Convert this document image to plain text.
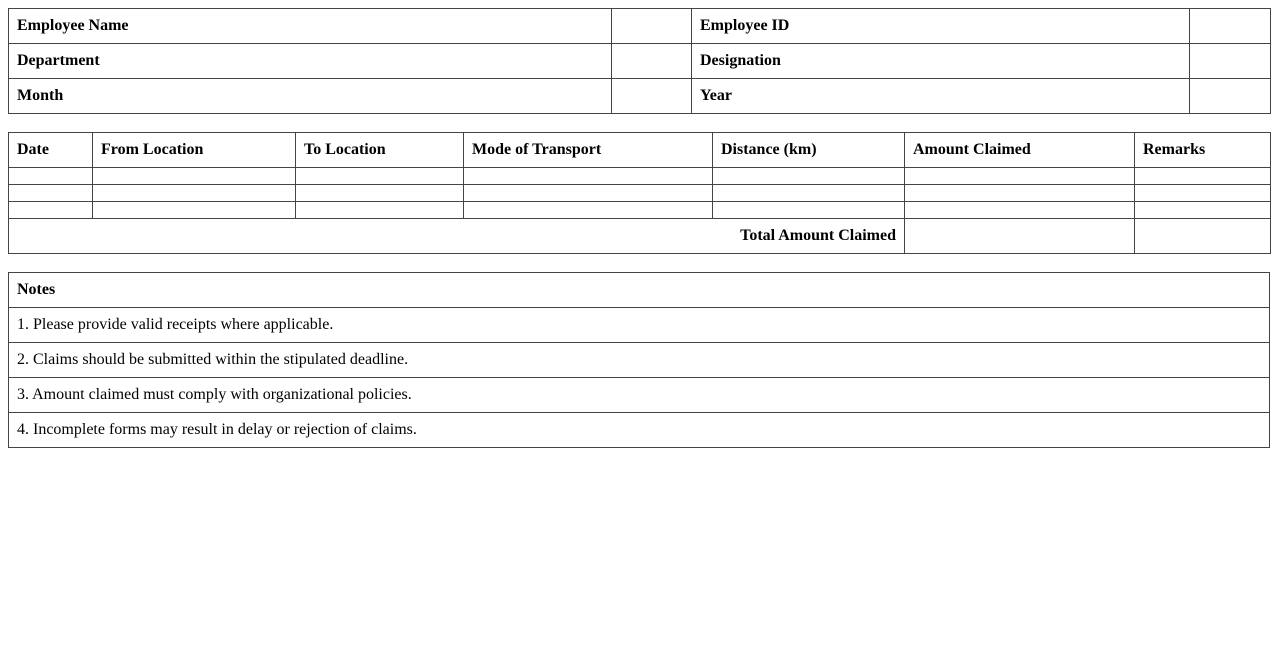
Employee Name		Employee ID	
Department		Designation	
Month		Year	
Date	From Location	To Location	Mode of Transport	Distance (km)	Amount Claimed	Remarks

Total Amount Claimed						
Notes
1. Please provide valid receipts where applicable.
2. Claims should be submitted within the stipulated deadline.
3. Amount claimed must comply with organizational policies.
4. Incomplete forms may result in delay or rejection of claims.
